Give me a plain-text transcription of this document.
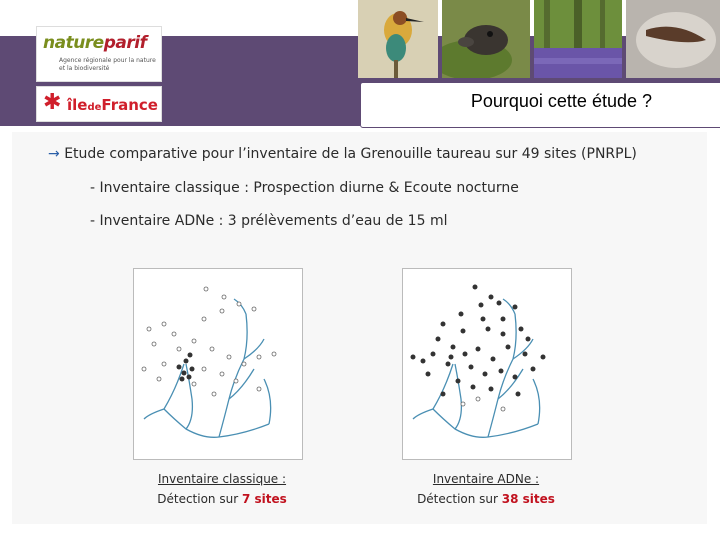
natureparif
Agence régionale pour la nature et la biodiversité
✱ îledeFrance	Pourquoi cette étude ?
→ Etude comparative pour l’inventaire de la Grenouille taureau sur 49 sites (PNRPL)
- Inventaire classique : Prospection diurne & Ecoute nocturne
- Inventaire ADNe : 3 prélèvements d’eau de 15 ml
Inventaire classique :
Détection sur 7 sites
Inventaire ADNe :
Détection sur 38 sites
